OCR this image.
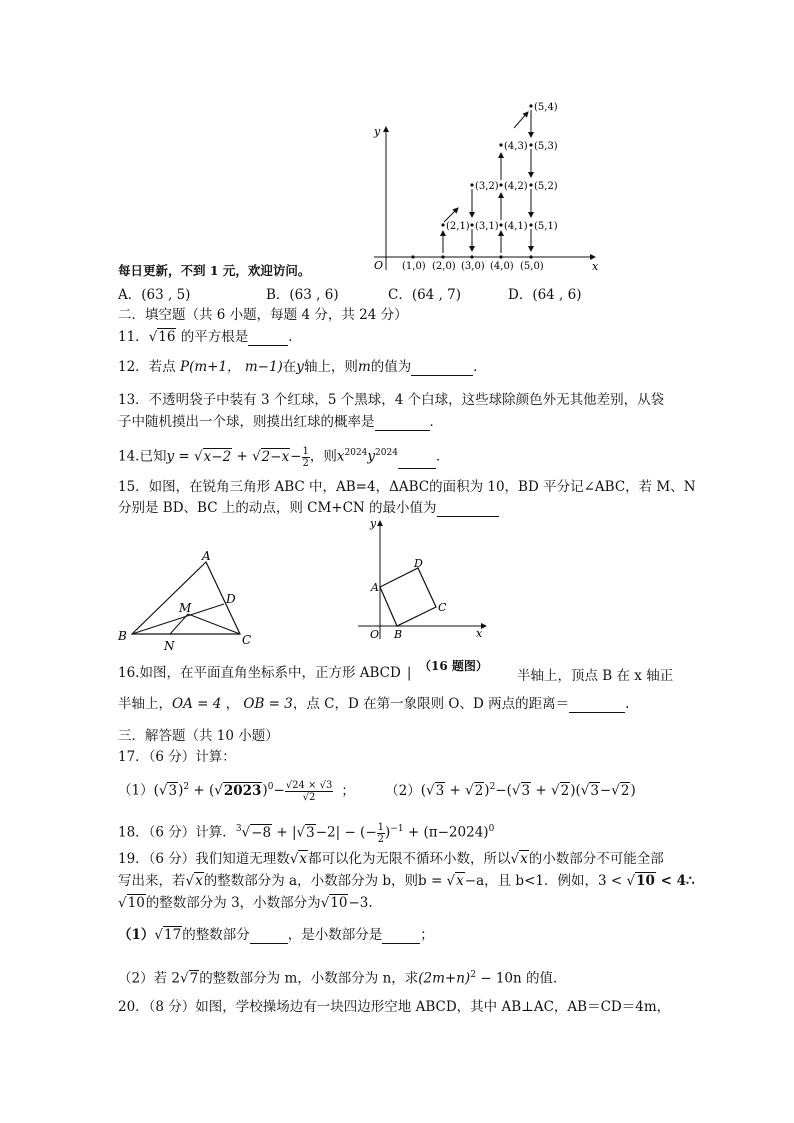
y
x
O (1,0) (2,0) (3,0) (4,0) (5,0)
(2,1) (3,1)
(3,2)
(4,1)
(4,2)
(4,3)
(5,1)
(5,2)
(5,3)
(5,4)
每日更新，不到 1 元，欢迎访问。
A．(63 , 5)	B．(63 , 6)	C．(64 , 7)	D．(64 , 6)
二．填空题（共 6 小题，每题 4 分，共 24 分）
11．√16 的平方根是	．
12．若点 P(m+1， m−1)在y轴上，则m的值为	．
13．不透明袋子中装有 3 个红球，5 个黑球，4 个白球，这些球除颜色外无其他差别，从袋
子中随机摸出一个球，则摸出红球的概率是	．
14.已知$y = √x-2 + √2-x- \frac{1}{2}$ ，则$x^{2024}y^{2024}$	．
15．如图，在锐角三角形 ABC 中，AB=4，ΔABC的面积为 10，BD 平分记∠ABC，若 M、N
分别是 BD、BC 上的动点，则 CM+CN 的最小值为
A
B	C
D
M
N
y
x
O
A
B
C
D
16.如图，在平面直角坐标系中，正方形 ABCD | （16 题图）
半轴上，顶点 B 在 x 轴正
半轴上，OA = 4 ， OB = 3，点 C，D 在第一象限则 O、D 两点的距离＝	.
三．解答题（共 10 小题）
17．（6 分）计算：
$(1)(√3)^2 + (√2023)^0- \frac{√24 \times √3}{√2}$ ； $(2)(√3 + √2)^2-(√3 + √2)(√3-√2)$
18．（6 分）计算．$^3$√−8 + |√3−2| − (− $\frac{1}{2} )^{-1} + (\pi-2024)^0$
19．（6 分）我们知道无理数√x都可以化为无限不循环小数，所以√x的小数部分不可能全部
写出来，若√x的整数部分为 a，小数部分为 b，则b = √x−a，且 b<1．例如，3 < √10 < 4∴
√10的整数部分为 3，小数部分为√10−3.
（1）√17的整数部分	，是小数部分是	；
（2）若 2√7的整数部分为 m，小数部分为 n，求$(2m+n)^2 - 10n$ 的值．
20．（8 分）如图，学校操场边有一块四边形空地 ABCD，其中 AB⊥AC，AB＝CD＝4m，
